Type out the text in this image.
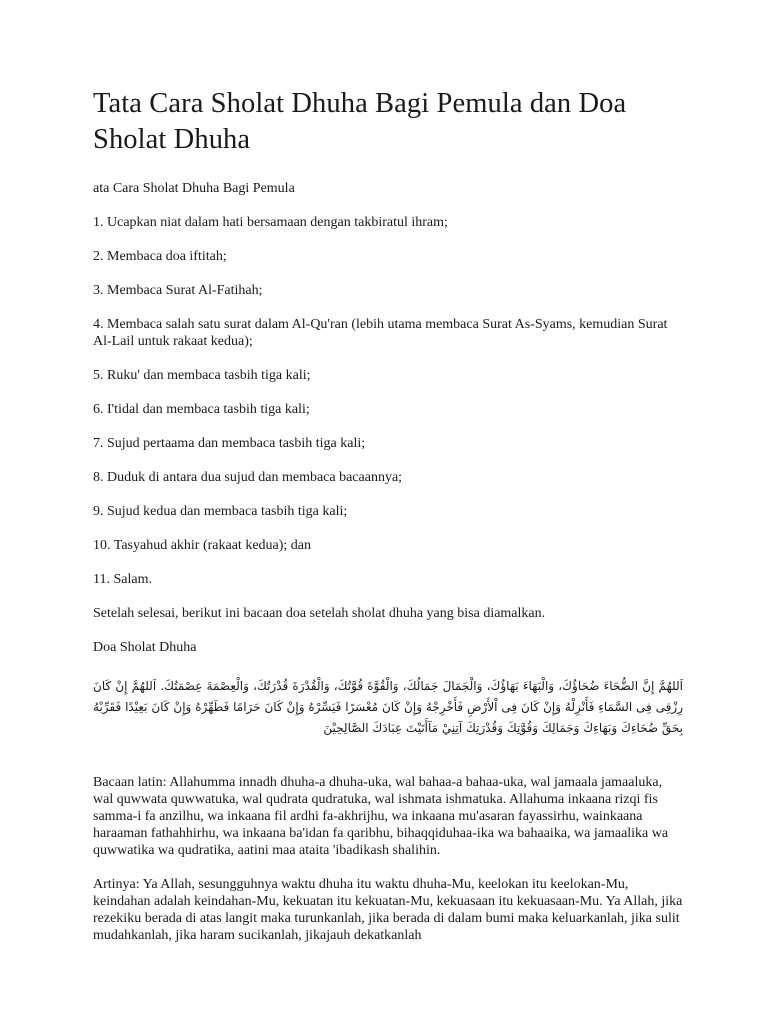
Tata Cara Sholat Dhuha Bagi Pemula dan Doa Sholat Dhuha

ata Cara Sholat Dhuha Bagi Pemula

1. Ucapkan niat dalam hati bersamaan dengan takbiratul ihram;
2. Membaca doa iftitah;
3. Membaca Surat Al-Fatihah;
4. Membaca salah satu surat dalam Al-Qu'ran (lebih utama membaca Surat As-Syams, kemudian Surat Al-Lail untuk rakaat kedua);
5. Ruku' dan membaca tasbih tiga kali;
6. I'tidal dan membaca tasbih tiga kali;
7. Sujud pertaama dan membaca tasbih tiga kali;
8. Duduk di antara dua sujud dan membaca bacaannya;
9. Sujud kedua dan membaca tasbih tiga kali;
10. Tasyahud akhir (rakaat kedua); dan
11. Salam.

Setelah selesai, berikut ini bacaan doa setelah sholat dhuha yang bisa diamalkan.

Doa Sholat Dhuha

اَللهُمَّ إِنَّ الضُّحَاءَ ضُحَاؤُكَ، وَالْبَهَاءَ بَهَاؤُكَ، وَالْجَمَالَ جَمَالُكَ، وَالْقُوَّةَ قُوَّتُكَ، وَالْقُدْرَةَ قُدْرَتُكَ، وَالْعِصْمَةَ عِصْمَتُكَ. اَللهُمَّ إِنْ كَانَ رِزْقِى فِى السَّمَاءِ فَأَنْزِلْهُ وَإِنْ كَانَ فِى اْلأَرْضِ فَأَخْرِجْهُ وَإِنْ كَانَ مُعْسَرًا فَيَسِّرْهُ وَإِنْ كَانَ حَرَامًا فَطَهِّرْهُ وَإِنْ كَانَ بَعِيْدًا فَقَرِّبْهُ بِحَقِّ ضُحَاءِكَ وَبَهَاءِكَ وَجَمَالِكَ وَقُوَّتِكَ وَقُدْرَتِكَ آتِنِيْ مَآأَتَيْتَ عِبَادَكَ الصَّالِحِيْنَ

Bacaan latin: Allahumma innadh dhuha-a dhuha-uka, wal bahaa-a bahaa-uka, wal jamaala jamaaluka, wal quwwata quwwatuka, wal qudrata qudratuka, wal ishmata ishmatuka. Allahuma inkaana rizqi fis samma-i fa anzilhu, wa inkaana fil ardhi fa-akhrijhu, wa inkaana mu'asaran fayassirhu, wainkaana haraaman fathahhirhu, wa inkaana ba'idan fa qaribhu, bihaqqiduhaa-ika wa bahaaika, wa jamaalika wa quwwatika wa qudratika, aatini maa ataita 'ibadikash shalihin.

Artinya: Ya Allah, sesungguhnya waktu dhuha itu waktu dhuha-Mu, keelokan itu keelokan-Mu, keindahan adalah keindahan-Mu, kekuatan itu kekuatan-Mu, kekuasaan itu kekuasaan-Mu. Ya Allah, jika rezekiku berada di atas langit maka turunkanlah, jika berada di dalam bumi maka keluarkanlah, jika sulit mudahkanlah, jika haram sucikanlah, jikajauh dekatkanlah
